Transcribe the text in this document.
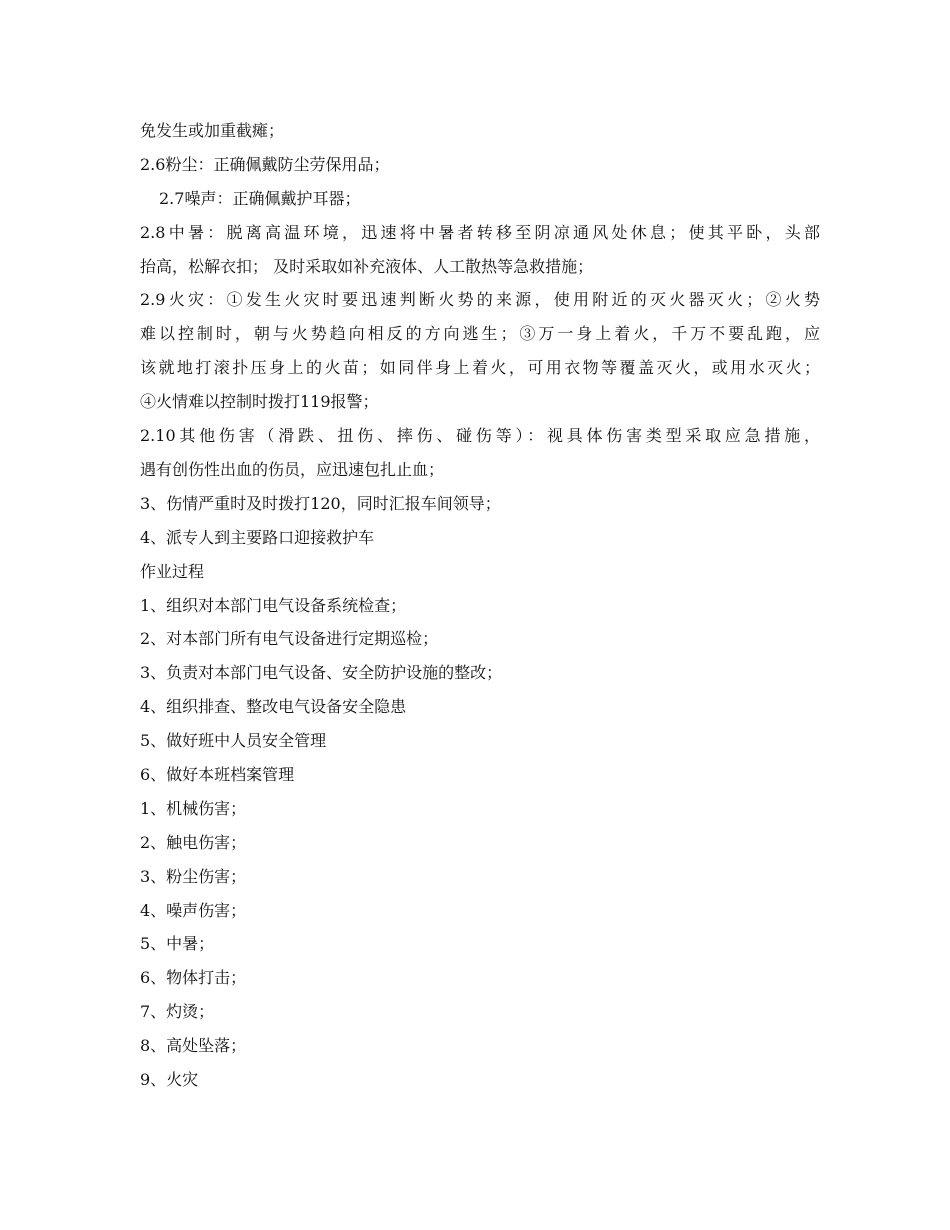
免发生或加重截瘫；
2.6粉尘：正确佩戴防尘劳保用品；
2.7噪声：正确佩戴护耳器；
2.8中暑：脱离高温环境，迅速将中暑者转移至阴凉通风处休息；使其平卧，头部
抬高，松解衣扣； 及时采取如补充液体、人工散热等急救措施；
2.9火灾：①发生火灾时要迅速判断火势的来源，使用附近的灭火器灭火；②火势
难以控制时，朝与火势趋向相反的方向逃生；③万一身上着火，千万不要乱跑，应
该就地打滚扑压身上的火苗；如同伴身上着火，可用衣物等覆盖灭火，或用水灭火；
④火情难以控制时拨打119报警；
2.10其他伤害（滑跌、扭伤、摔伤、碰伤等）：视具体伤害类型采取应急措施，
遇有创伤性出血的伤员，应迅速包扎止血；
3、伤情严重时及时拨打120，同时汇报车间领导；
4、派专人到主要路口迎接救护车
作业过程
1、组织对本部门电气设备系统检查；
2、对本部门所有电气设备进行定期巡检；
3、负责对本部门电气设备、安全防护设施的整改；
4、组织排查、整改电气设备安全隐患
5、做好班中人员安全管理
6、做好本班档案管理
1、机械伤害；
2、触电伤害；
3、粉尘伤害；
4、噪声伤害；
5、中暑；
6、物体打击；
7、灼烫；
8、高处坠落；
9、火灾
